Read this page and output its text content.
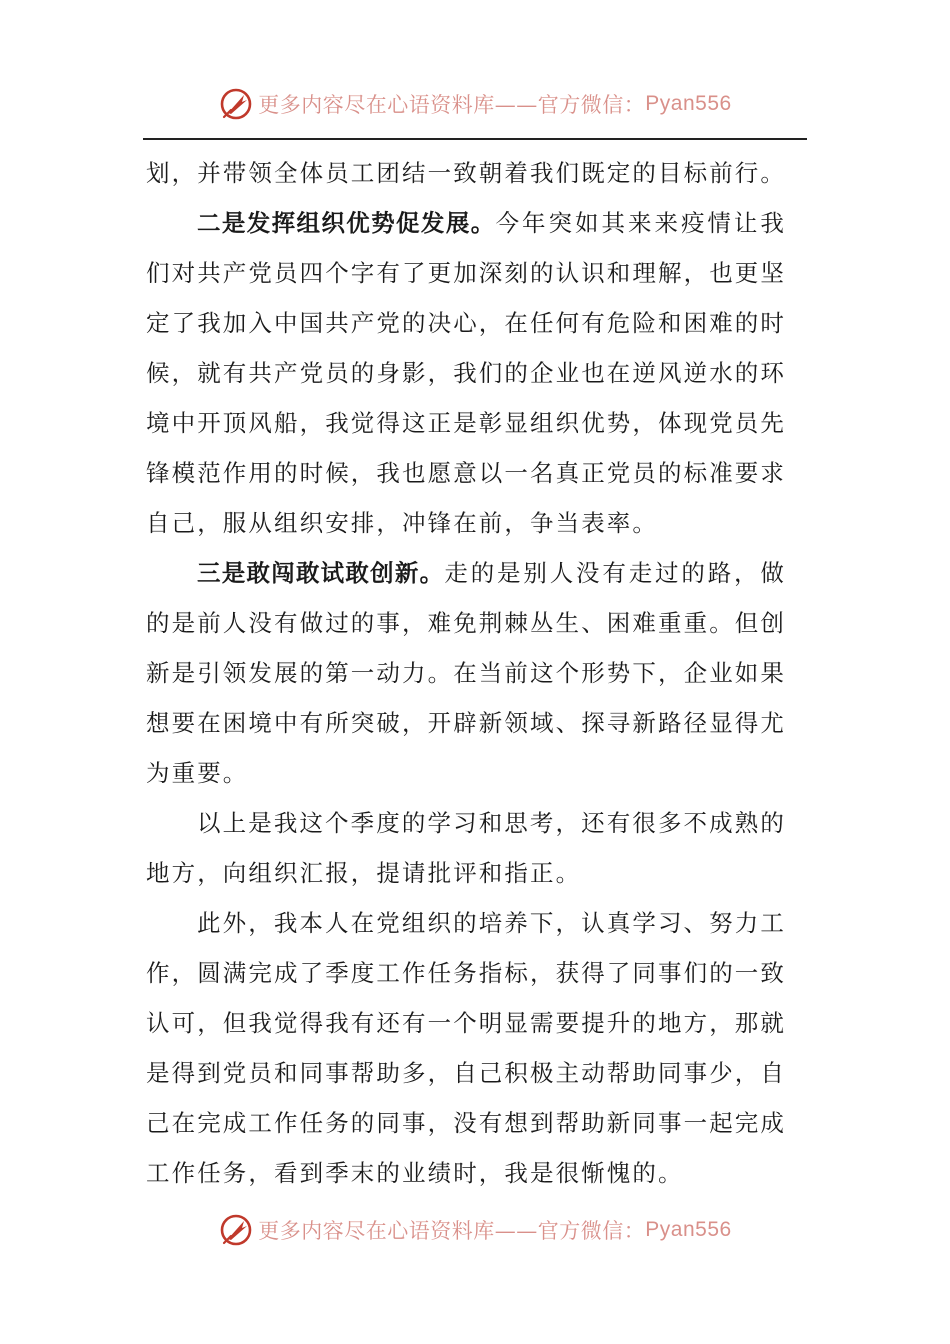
更多内容尽在心语资料库——官方微信： Pyan556

划，并带领全体员工团结一致朝着我们既定的目标前行。

二是发挥组织优势促发展。今年突如其来来疫情让我们对共产党员四个字有了更加深刻的认识和理解，也更坚定了我加入中国共产党的决心，在任何有危险和困难的时候，就有共产党员的身影，我们的企业也在逆风逆水的环境中开顶风船，我觉得这正是彰显组织优势，体现党员先锋模范作用的时候，我也愿意以一名真正党员的标准要求自己，服从组织安排，冲锋在前，争当表率。

三是敢闯敢试敢创新。走的是别人没有走过的路，做的是前人没有做过的事，难免荆棘丛生、困难重重。但创新是引领发展的第一动力。在当前这个形势下，企业如果想要在困境中有所突破，开辟新领域、探寻新路径显得尤为重要。

以上是我这个季度的学习和思考，还有很多不成熟的地方，向组织汇报，提请批评和指正。

此外，我本人在党组织的培养下，认真学习、努力工作，圆满完成了季度工作任务指标，获得了同事们的一致认可，但我觉得我有还有一个明显需要提升的地方，那就是得到党员和同事帮助多，自己积极主动帮助同事少，自己在完成工作任务的同事，没有想到帮助新同事一起完成工作任务，看到季末的业绩时，我是很惭愧的。

更多内容尽在心语资料库——官方微信： Pyan556
